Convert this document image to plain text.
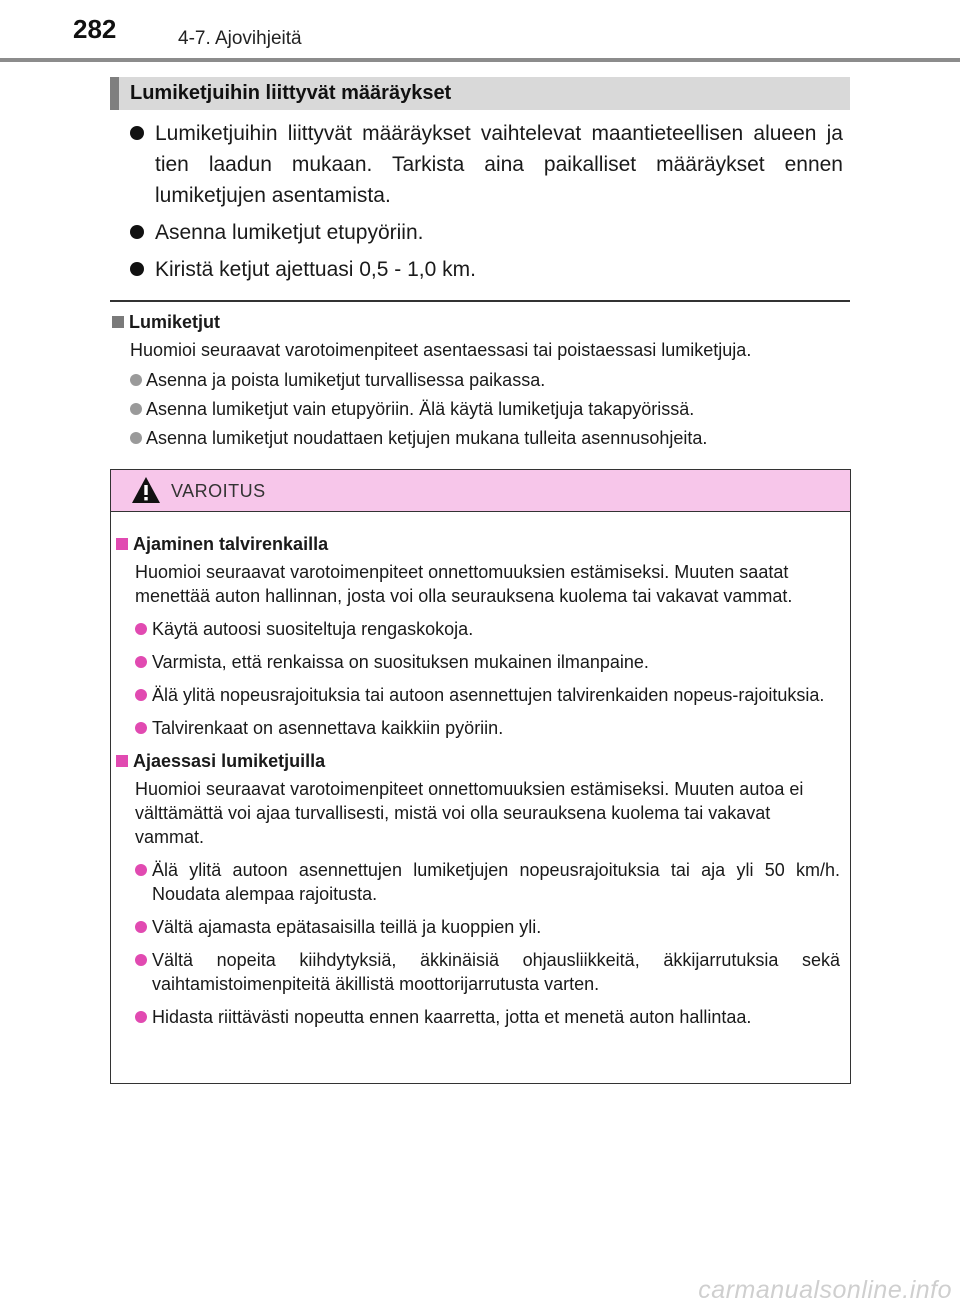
282	4-7. Ajovihjeitä
Lumiketjuihin liittyvät määräykset
Lumiketjuihin liittyvät määräykset vaihtelevat maantieteellisen alueen ja tien laadun mukaan. Tarkista aina paikalliset määräykset ennen lumiketjujen asentamista.
Asenna lumiketjut etupyöriin.
Kiristä ketjut ajettuasi 0,5 - 1,0 km.
Lumiketjut
Huomioi seuraavat varotoimenpiteet asentaessasi tai poistaessasi lumiketjuja.
Asenna ja poista lumiketjut turvallisessa paikassa.
Asenna lumiketjut vain etupyöriin. Älä käytä lumiketjuja takapyörissä.
Asenna lumiketjut noudattaen ketjujen mukana tulleita asennusohjeita.
VAROITUS
Ajaminen talvirenkailla
Huomioi seuraavat varotoimenpiteet onnettomuuksien estämiseksi. Muuten saatat menettää auton hallinnan, josta voi olla seurauksena kuolema tai vakavat vammat.
Käytä autoosi suositeltuja rengaskokoja.
Varmista, että renkaissa on suosituksen mukainen ilmanpaine.
Älä ylitä nopeusrajoituksia tai autoon asennettujen talvirenkaiden nopeus-rajoituksia.
Talvirenkaat on asennettava kaikkiin pyöriin.
Ajaessasi lumiketjuilla
Huomioi seuraavat varotoimenpiteet onnettomuuksien estämiseksi. Muuten autoa ei välttämättä voi ajaa turvallisesti, mistä voi olla seurauksena kuolema tai vakavat vammat.
Älä ylitä autoon asennettujen lumiketjujen nopeusrajoituksia tai aja yli 50 km/h. Noudata alempaa rajoitusta.
Vältä ajamasta epätasaisilla teillä ja kuoppien yli.
Vältä nopeita kiihdytyksiä, äkkinäisiä ohjausliikkeitä, äkkijarrutuksia sekä vaihtamistoimenpiteitä äkillistä moottorijarrutusta varten.
Hidasta riittävästi nopeutta ennen kaarretta, jotta et menetä auton hallintaa.
carmanualsonline.info
